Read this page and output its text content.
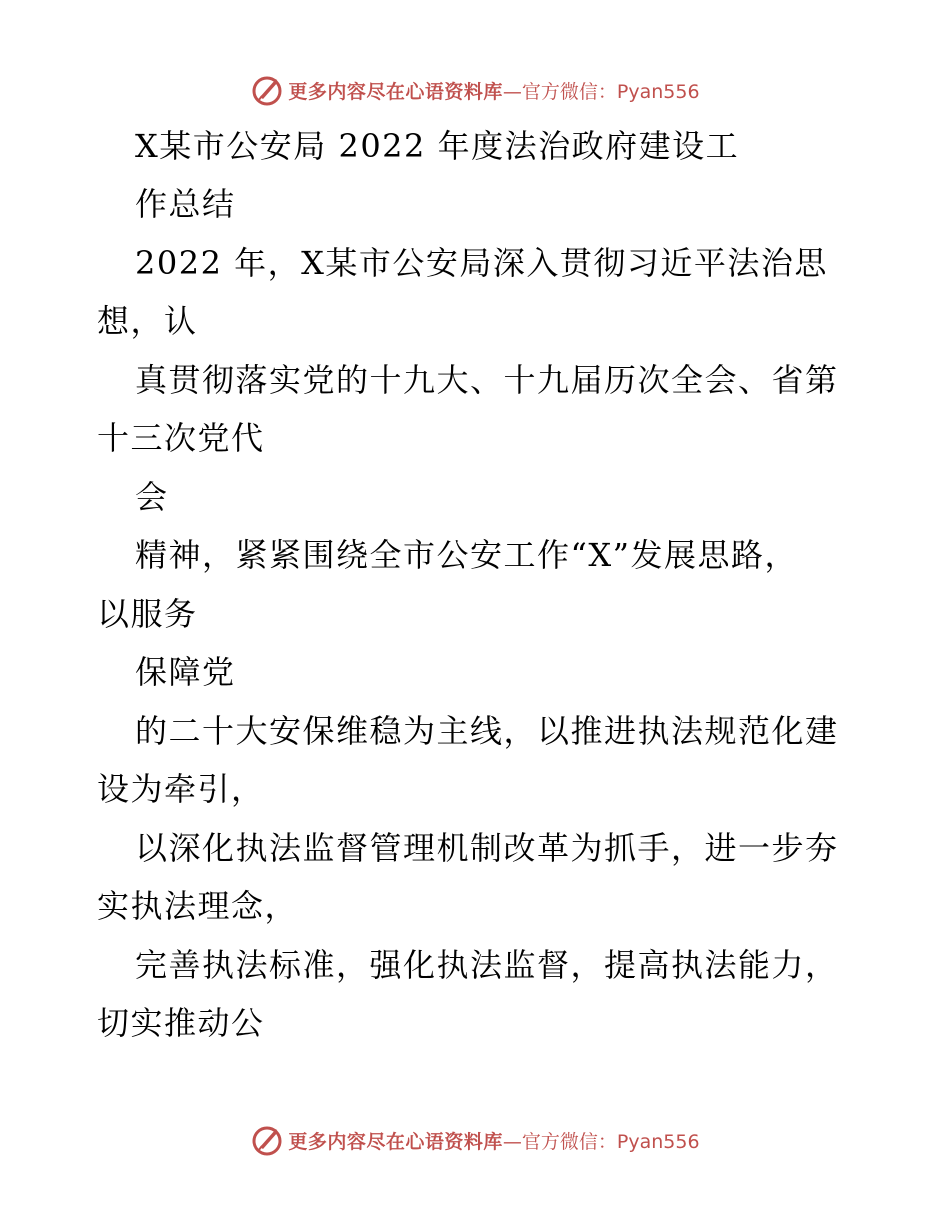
更多内容尽在心语资料库 —官方微信：Pyan556
X某市公安局 2022 年度法治政府建设工
作总结
2022 年，X某市公安局深入贯彻习近平法治思
想，认
真贯彻落实党的十九大、十九届历次全会、省第
十三次党代
会
精神，紧紧围绕全市公安工作“X”发展思路，
以服务
保障党
的二十大安保维稳为主线，以推进执法规范化建
设为牵引，
以深化执法监督管理机制改革为抓手，进一步夯
实执法理念，
完善执法标准，强化执法监督，提高执法能力，
切实推动公
更多内容尽在心语资料库 —官方微信：Pyan556
